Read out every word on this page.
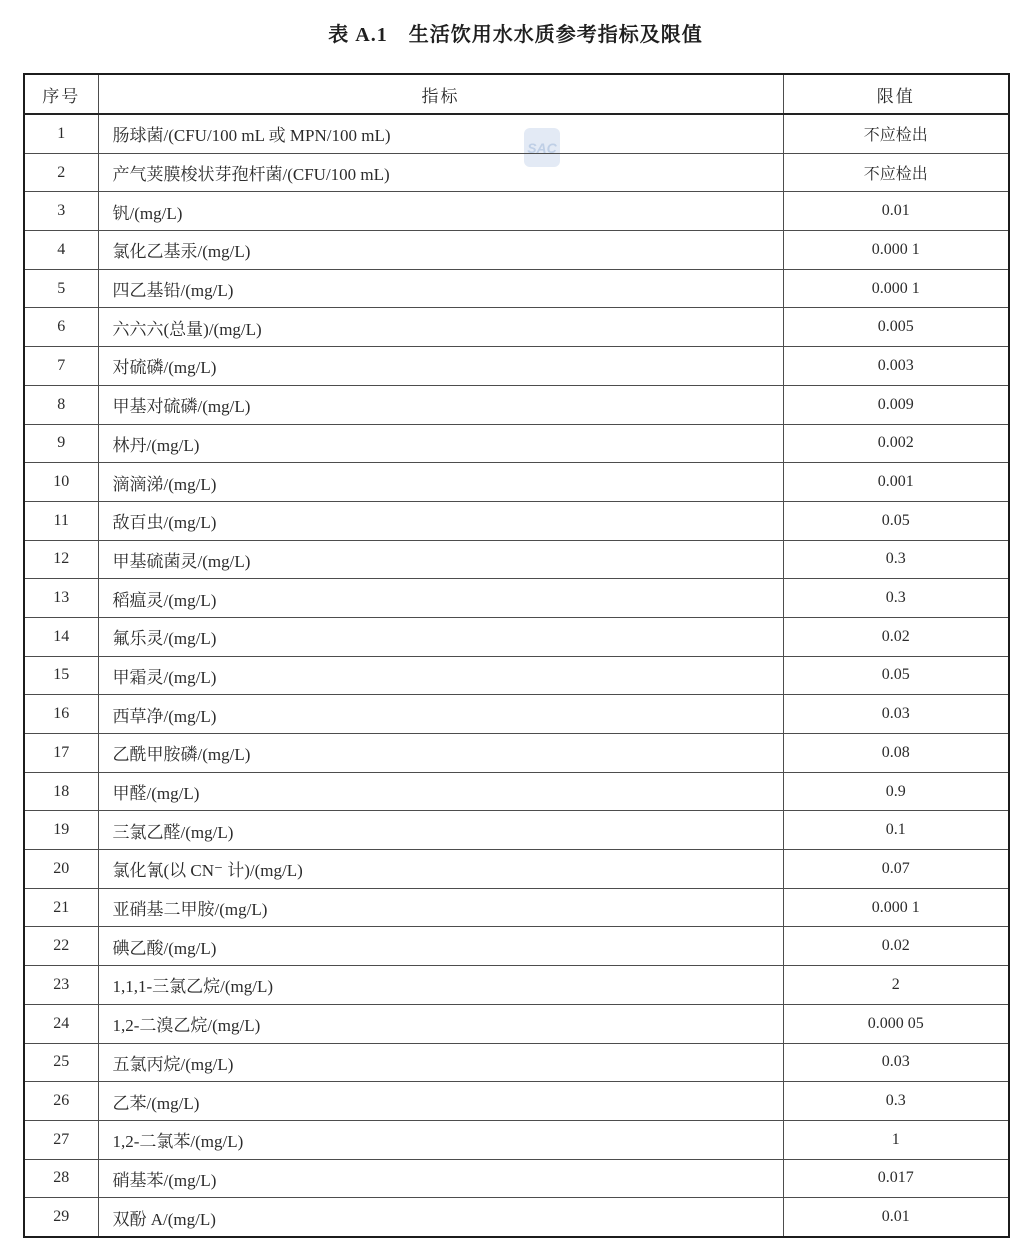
表 A.1　生活饮用水水质参考指标及限值
SAC
序号	指标	限值
1	肠球菌/(CFU/100 mL 或 MPN/100 mL)	不应检出
2	产气荚膜梭状芽孢杆菌/(CFU/100 mL)	不应检出
3	钒/(mg/L)	0.01
4	氯化乙基汞/(mg/L)	0.000 1
5	四乙基铅/(mg/L)	0.000 1
6	六六六(总量)/(mg/L)	0.005
7	对硫磷/(mg/L)	0.003
8	甲基对硫磷/(mg/L)	0.009
9	林丹/(mg/L)	0.002
10	滴滴涕/(mg/L)	0.001
11	敌百虫/(mg/L)	0.05
12	甲基硫菌灵/(mg/L)	0.3
13	稻瘟灵/(mg/L)	0.3
14	氟乐灵/(mg/L)	0.02
15	甲霜灵/(mg/L)	0.05
16	西草净/(mg/L)	0.03
17	乙酰甲胺磷/(mg/L)	0.08
18	甲醛/(mg/L)	0.9
19	三氯乙醛/(mg/L)	0.1
20	氯化氰(以 CN⁻ 计)/(mg/L)	0.07
21	亚硝基二甲胺/(mg/L)	0.000 1
22	碘乙酸/(mg/L)	0.02
23	1,1,1-三氯乙烷/(mg/L)	2
24	1,2-二溴乙烷/(mg/L)	0.000 05
25	五氯丙烷/(mg/L)	0.03
26	乙苯/(mg/L)	0.3
27	1,2-二氯苯/(mg/L)	1
28	硝基苯/(mg/L)	0.017
29	双酚 A/(mg/L)	0.01
